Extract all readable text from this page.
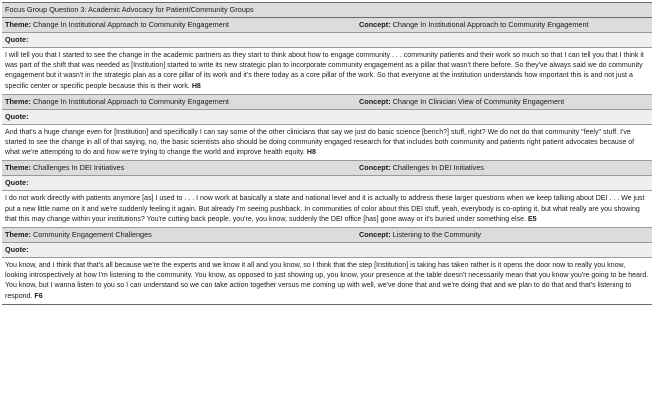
Focus Group Question 3: Academic Advocacy for Patient/Community Groups
Theme: Change In Institutional Approach to Community Engagement	Concept: Change In Institutional Approach to Community Engagement
Quote:
I will tell you that I started to see the change in the academic partners as they start to think about how to engage community . . . community patients and their work so much so that I can tell you that I think it was part of the shift that was needed as [Institution] started to write its new strategic plan to incorporate community engagement as a pillar that wasn't there before. So they've always said we do community engagement but it wasn't in the strategic plan as a core pillar of its work and it's there today as a core pillar of the work. So that everyone at the institution understands how important this is and not just a specific center or specific people because this is their work. H8
Theme: Change In Institutional Approach to Community Engagement	Concept: Change In Clinician View of Community Engagement
Quote:
And that's a huge change even for [Institution] and specifically I can say some of the other clinicians that say we just do basic science [bench?] stuff, right? We do not do that community "feely" stuff. I've started to see the change in all of that saying, no, the basic scientists also should be doing community engaged research for that includes both community and patients right patient advocates because of what we're attempting to do and how we're trying to change the world and improve health equity. H8
Theme: Challenges In DEI Initiatives	Concept: Challenges In DEI Initiatives
Quote:
I do not work directly with patients anymore [as] I used to . . . I now work at basically a state and national level and it is actually to address these larger questions when we keep talking about DEI . . . We just put a new little name on it and we're suddenly feeling it again. But already I'm seeing pushback. In communities of color about this DEI stuff, yeah, everybody is co-opting it, but what really are you showing that this may change within your institutions? You're cutting back people, you're, you know, suddenly the DEI office [has] gone away or it's buried under something else. E5
Theme: Community Engagement Challenges	Concept: Listening to the Community
Quote:
You know, and I think that that's all because we're the experts and we know it all and you know, so I think that the step [Institution] is taking has taken rather is it opens the door now to really you know, looking introspectively at how I'm listening to the community. You know, as opposed to just showing up, you know, your presence at the table doesn't necessarily mean that you know you're going to be heard. You know, but I wanna listen to you so I can understand so we can take action together versus me coming up with well, we've done that and we're doing that and we plan to do that and that's listening to respond. F6
